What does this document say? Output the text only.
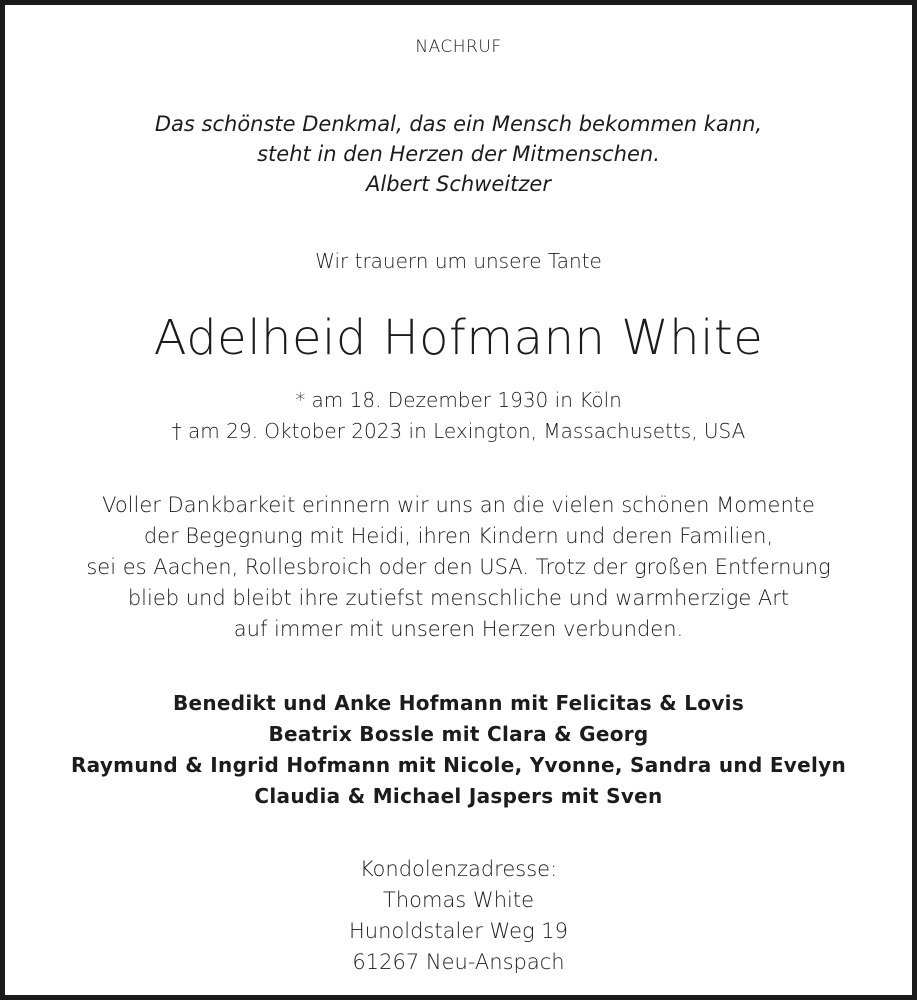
NACHRUF
Das schönste Denkmal, das ein Mensch bekommen kann,
steht in den Herzen der Mitmenschen.
Albert Schweitzer
Wir trauern um unsere Tante
Adelheid Hofmann White
* am 18. Dezember 1930 in Köln
† am 29. Oktober 2023 in Lexington, Massachusetts, USA
Voller Dankbarkeit erinnern wir uns an die vielen schönen Momente
der Begegnung mit Heidi, ihren Kindern und deren Familien,
sei es Aachen, Rollesbroich oder den USA. Trotz der großen Entfernung
blieb und bleibt ihre zutiefst menschliche und warmherzige Art
auf immer mit unseren Herzen verbunden.
Benedikt und Anke Hofmann mit Felicitas & Lovis
Beatrix Bossle mit Clara & Georg
Raymund & Ingrid Hofmann mit Nicole, Yvonne, Sandra und Evelyn
Claudia & Michael Jaspers mit Sven
Kondolenzadresse:
Thomas White
Hunoldstaler Weg 19
61267 Neu-Anspach
